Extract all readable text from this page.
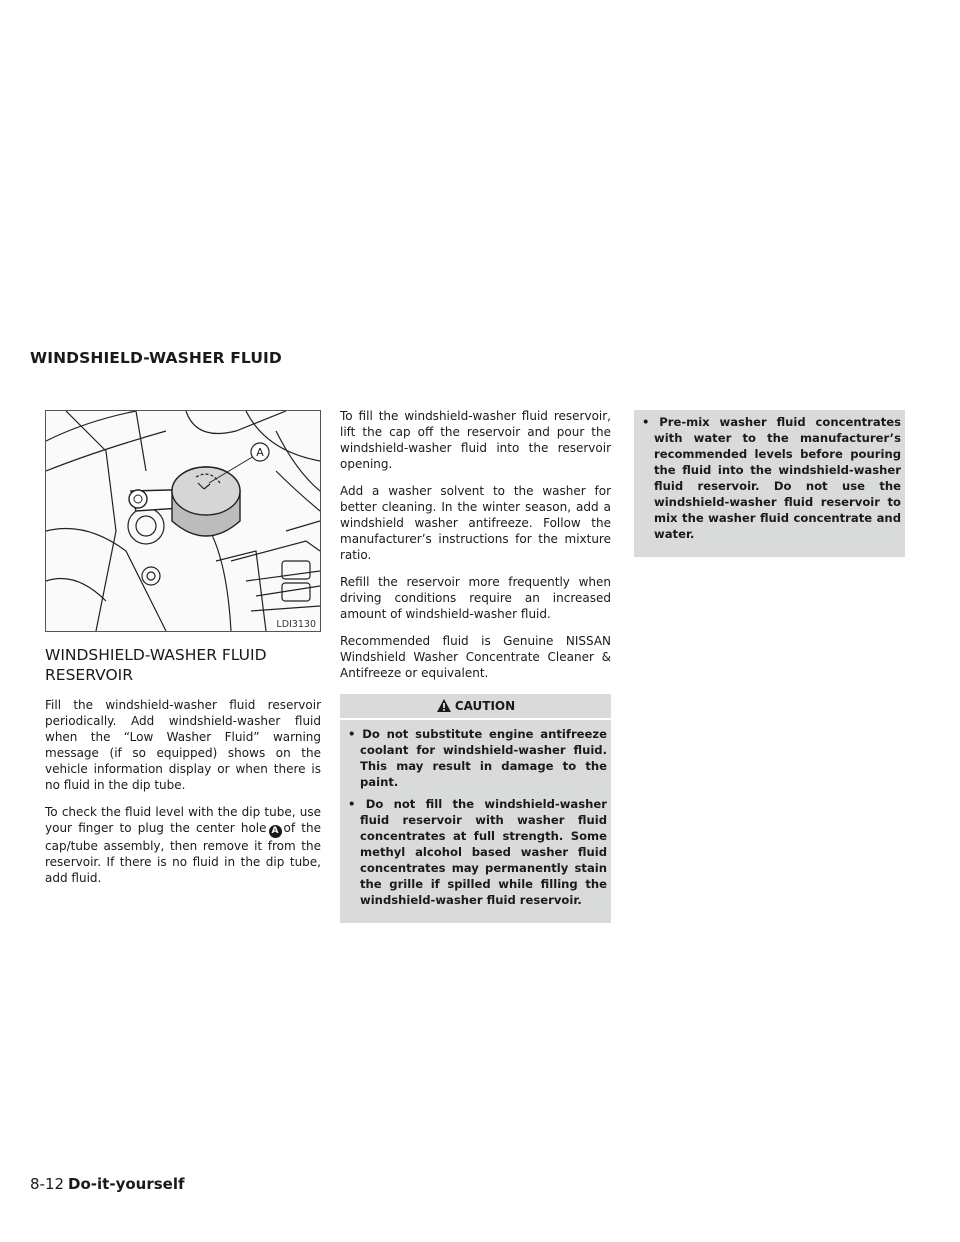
WINDSHIELD-WASHER FLUID
A
LDI3130
WINDSHIELD-WASHER FLUID RESERVOIR

Fill the windshield-washer fluid reservoir periodically. Add windshield-washer fluid when the “Low Washer Fluid” warning message (if so equipped) shows on the vehicle information display or when there is no fluid in the dip tube.

To check the fluid level with the dip tube, use your finger to plug the center hole A of the cap/tube assembly, then remove it from the reservoir. If there is no fluid in the dip tube, add fluid.

To fill the windshield-washer fluid reservoir, lift the cap off the reservoir and pour the windshield-washer fluid into the reservoir opening.

Add a washer solvent to the washer for better cleaning. In the winter season, add a windshield washer antifreeze. Follow the manufacturer’s instructions for the mixture ratio.

Refill the reservoir more frequently when driving conditions require an increased amount of windshield-washer fluid.

Recommended fluid is Genuine NISSAN Windshield Washer Concentrate Cleaner & Antifreeze or equivalent.

CAUTION
• Do not substitute engine antifreeze coolant for windshield-washer fluid. This may result in damage to the paint.
• Do not fill the windshield-washer fluid reservoir with washer fluid concentrates at full strength. Some methyl alcohol based washer fluid concentrates may permanently stain the grille if spilled while filling the windshield-washer fluid reservoir.
• Pre-mix washer fluid concentrates with water to the manufacturer’s recommended levels before pouring the fluid into the windshield-washer fluid reservoir. Do not use the windshield-washer fluid reservoir to mix the washer fluid concentrate and water.
8-12 Do-it-yourself
